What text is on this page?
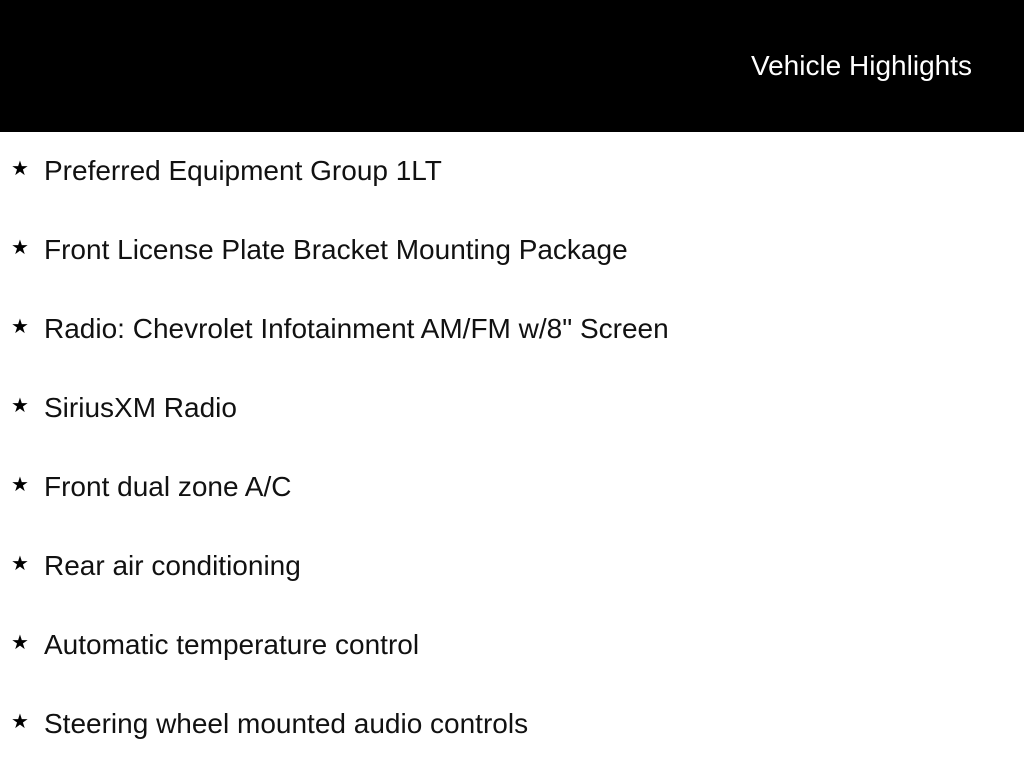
Vehicle Highlights
★ Preferred Equipment Group 1LT
★ Front License Plate Bracket Mounting Package
★ Radio: Chevrolet Infotainment AM/FM w/8" Screen
★ SiriusXM Radio
★ Front dual zone A/C
★ Rear air conditioning
★ Automatic temperature control
★ Steering wheel mounted audio controls
